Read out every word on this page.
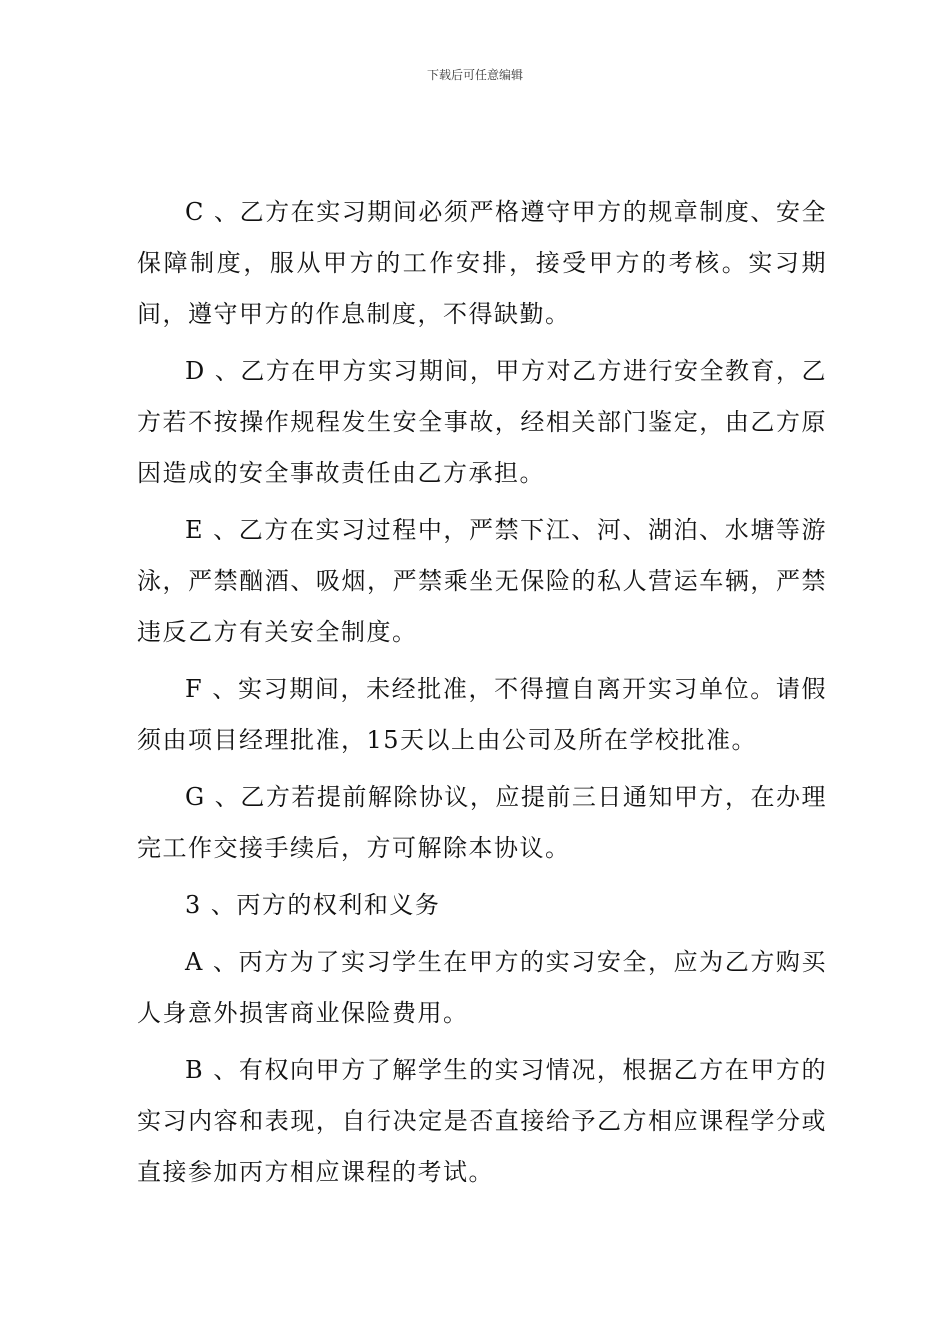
下载后可任意编辑

C 、乙方在实习期间必须严格遵守甲方的规章制度、安全保障制度，服从甲方的工作安排，接受甲方的考核。实习期间，遵守甲方的作息制度，不得缺勤。

D 、乙方在甲方实习期间，甲方对乙方进行安全教育，乙方若不按操作规程发生安全事故，经相关部门鉴定，由乙方原因造成的安全事故责任由乙方承担。

E 、乙方在实习过程中，严禁下江、河、湖泊、水塘等游泳，严禁酗酒、吸烟，严禁乘坐无保险的私人营运车辆，严禁违反乙方有关安全制度。

F 、实习期间，未经批准，不得擅自离开实习单位。请假须由项目经理批准，15天以上由公司及所在学校批准。

G 、乙方若提前解除协议，应提前三日通知甲方，在办理完工作交接手续后，方可解除本协议。

3 、丙方的权利和义务

A 、丙方为了实习学生在甲方的实习安全，应为乙方购买人身意外损害商业保险费用。

B 、有权向甲方了解学生的实习情况，根据乙方在甲方的实习内容和表现，自行决定是否直接给予乙方相应课程学分或直接参加丙方相应课程的考试。
